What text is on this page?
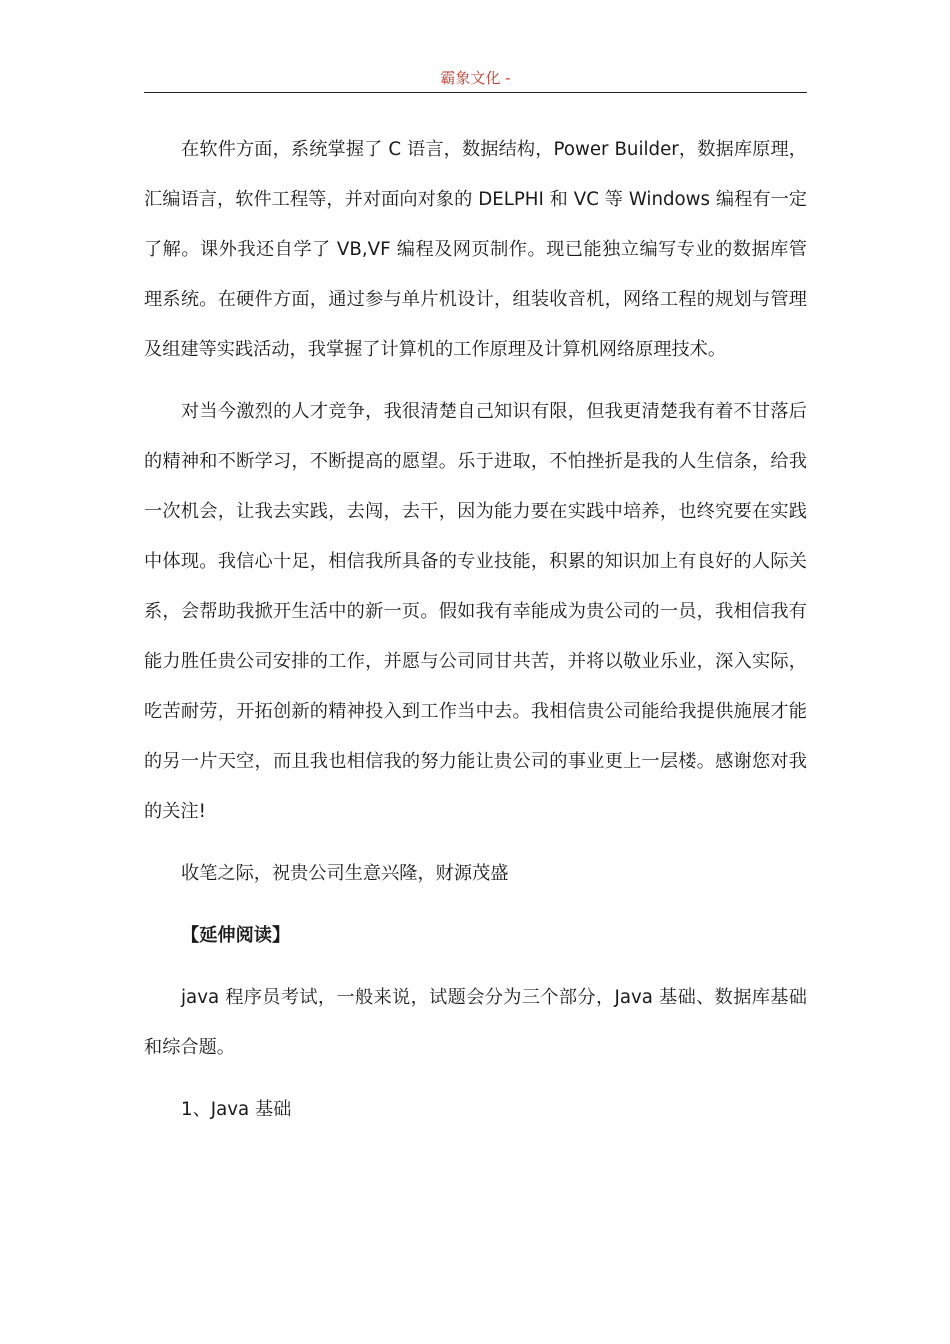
霸象文化 -

在软件方面，系统掌握了 C 语言，数据结构，Power Builder，数据库原理，汇编语言，软件工程等，并对面向对象的 DELPHI 和 VC 等 Windows 编程有一定了解。课外我还自学了 VB,VF 编程及网页制作。现已能独立编写专业的数据库管理系统。在硬件方面，通过参与单片机设计，组装收音机，网络工程的规划与管理及组建等实践活动，我掌握了计算机的工作原理及计算机网络原理技术。

对当今激烈的人才竞争，我很清楚自己知识有限，但我更清楚我有着不甘落后的精神和不断学习，不断提高的愿望。乐于进取，不怕挫折是我的人生信条，给我一次机会，让我去实践，去闯，去干，因为能力要在实践中培养，也终究要在实践中体现。我信心十足，相信我所具备的专业技能，积累的知识加上有良好的人际关系，会帮助我掀开生活中的新一页。假如我有幸能成为贵公司的一员，我相信我有能力胜任贵公司安排的工作，并愿与公司同甘共苦，并将以敬业乐业，深入实际，吃苦耐劳，开拓创新的精神投入到工作当中去。我相信贵公司能给我提供施展才能的另一片天空，而且我也相信我的努力能让贵公司的事业更上一层楼。感谢您对我的关注!

收笔之际，祝贵公司生意兴隆，财源茂盛

【延伸阅读】

java 程序员考试，一般来说，试题会分为三个部分，Java 基础、数据库基础和综合题。

1、Java 基础
